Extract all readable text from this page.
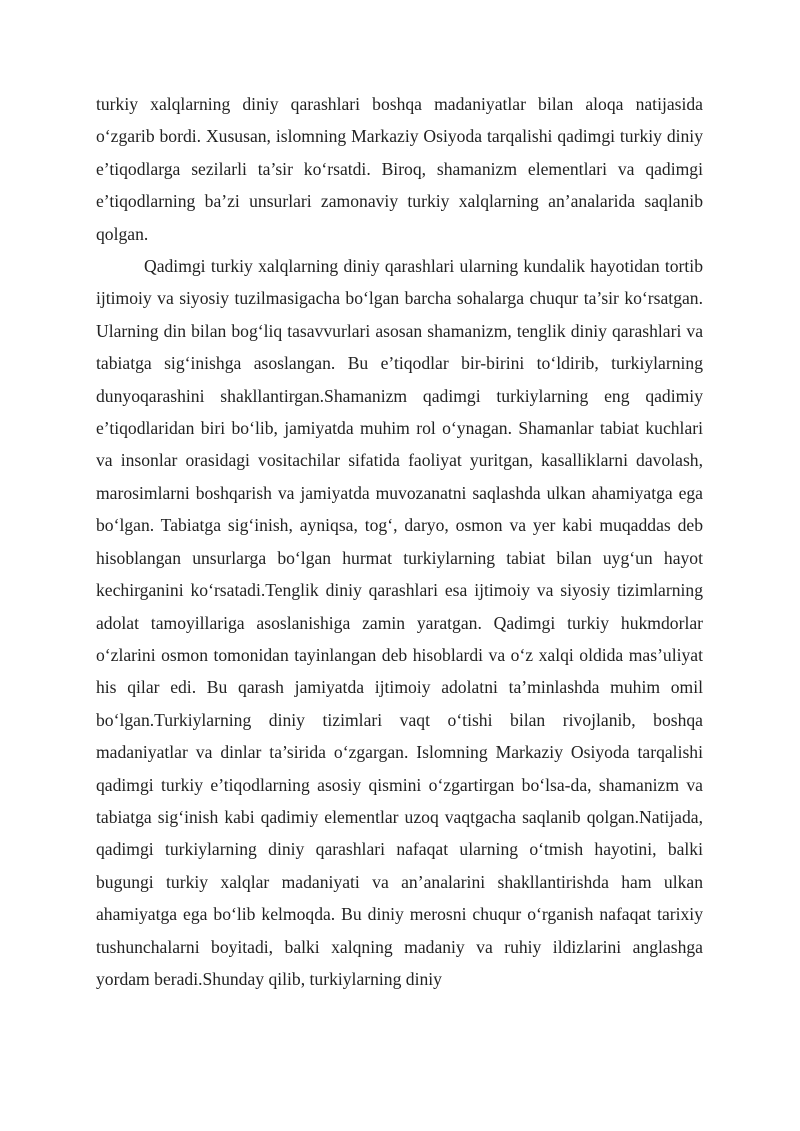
turkiy xalqlarning diniy qarashlari boshqa madaniyatlar bilan aloqa natijasida o‘zgarib bordi. Xususan, islomning Markaziy Osiyoda tarqalishi qadimgi turkiy diniy e’tiqodlarga sezilarli ta’sir ko‘rsatdi. Biroq, shamanizm elementlari va qadimgi e’tiqodlarning ba’zi unsurlari zamonaviy turkiy xalqlarning an’analarida saqlanib qolgan.

Qadimgi turkiy xalqlarning diniy qarashlari ularning kundalik hayotidan tortib ijtimoiy va siyosiy tuzilmasigacha bo‘lgan barcha sohalarga chuqur ta’sir ko‘rsatgan. Ularning din bilan bog‘liq tasavvurlari asosan shamanizm, tenglik diniy qarashlari va tabiatga sig‘inishga asoslangan. Bu e’tiqodlar bir-birini to‘ldirib, turkiylarning dunyoqarashini shakllantirgan.Shamanizm qadimgi turkiylarning eng qadimiy e’tiqodlaridan biri bo‘lib, jamiyatda muhim rol o‘ynagan. Shamanlar tabiat kuchlari va insonlar orasidagi vositachilar sifatida faoliyat yuritgan, kasalliklarni davolash, marosimlarni boshqarish va jamiyatda muvozanatni saqlashda ulkan ahamiyatga ega bo‘lgan. Tabiatga sig‘inish, ayniqsa, tog‘, daryo, osmon va yer kabi muqaddas deb hisoblangan unsurlarga bo‘lgan hurmat turkiylarning tabiat bilan uyg‘un hayot kechirganini ko‘rsatadi.Tenglik diniy qarashlari esa ijtimoiy va siyosiy tizimlarning adolat tamoyillariga asoslanishiga zamin yaratgan. Qadimgi turkiy hukmdorlar o‘zlarini osmon tomonidan tayinlangan deb hisoblardi va o‘z xalqi oldida mas’uliyat his qilar edi. Bu qarash jamiyatda ijtimoiy adolatni ta’minlashda muhim omil bo‘lgan.Turkiylarning diniy tizimlari vaqt o‘tishi bilan rivojlanib, boshqa madaniyatlar va dinlar ta’sirida o‘zgargan. Islomning Markaziy Osiyoda tarqalishi qadimgi turkiy e’tiqodlarning asosiy qismini o‘zgartirgan bo‘lsa-da, shamanizm va tabiatga sig‘inish kabi qadimiy elementlar uzoq vaqtgacha saqlanib qolgan.Natijada, qadimgi turkiylarning diniy qarashlari nafaqat ularning o‘tmish hayotini, balki bugungi turkiy xalqlar madaniyati va an’analarini shakllantirishda ham ulkan ahamiyatga ega bo‘lib kelmoqda. Bu diniy merosni chuqur o‘rganish nafaqat tarixiy tushunchalarni boyitadi, balki xalqning madaniy va ruhiy ildizlarini anglashga yordam beradi.Shunday qilib, turkiylarning diniy
